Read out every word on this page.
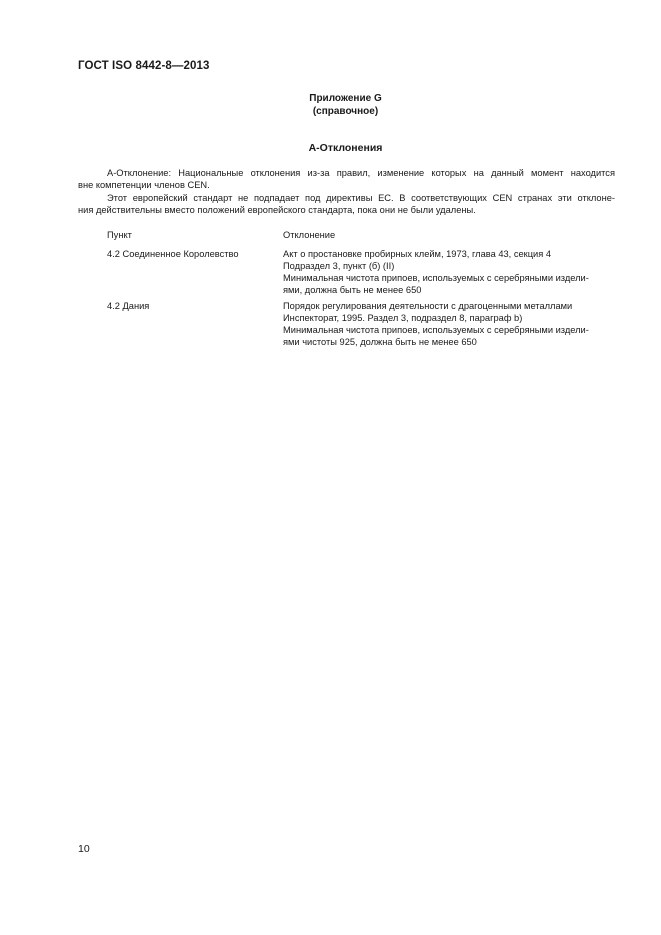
ГОСТ ISO 8442-8—2013
Приложение G
(справочное)
А-Отклонения
А-Отклонение: Национальные отклонения из-за правил, изменение которых на данный момент находится
вне компетенции членов CEN.
Этот европейский стандарт не подпадает под директивы ЕС. В соответствующих CEN странах эти отклоне-
ния действительны вместо положений европейского стандарта, пока они не были удалены.
Пункт	Отклонение
4.2 Соединенное Королевство	Акт о простановке пробирных клейм, 1973, глава 43, секция 4
Подраздел 3, пункт (б) (II)
Минимальная чистота припоев, используемых с серебряными издели-
ями, должна быть не менее 650
4.2 Дания	Порядок регулирования деятельности с драгоценными металлами
Инспекторат, 1995. Раздел 3, подраздел 8, параграф b)
Минимальная чистота припоев, используемых с серебряными издели-
ями чистоты 925, должна быть не менее 650
10
